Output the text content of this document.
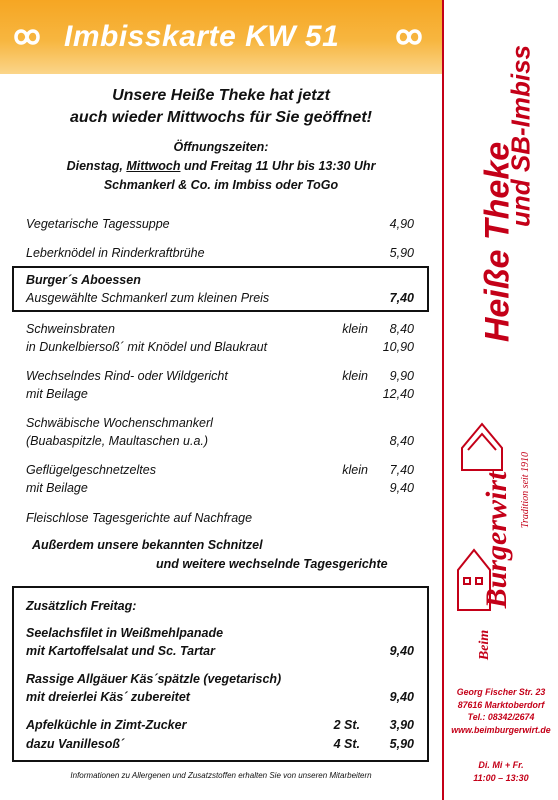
Imbisskarte KW 51
Unsere Heiße Theke hat jetzt
auch wieder Mittwochs für Sie geöffnet!
Öffnungszeiten:
Dienstag, Mittwoch und Freitag 11 Uhr bis 13:30 Uhr
Schmankerl & Co. im Imbiss oder ToGo
Vegetarische Tagessuppe	4,90
Leberknödel in Rinderkraftbrühe	5,90
Burger´s Aboessen
Ausgewählte Schmankerl zum kleinen Preis	7,40
Schweinsbraten	klein 8,40
in Dunkelbiersoß´ mit Knödel und Blaukraut	10,90
Wechselndes Rind- oder Wildgericht	klein 9,90
mit Beilage	12,40
Schwäbische Wochenschmankerl
(Buabaspitzle, Maultaschen u.a.)	8,40
Geflügelgeschnetzeltes	klein 7,40
mit Beilage	9,40
Fleischlose Tagesgerichte auf Nachfrage
Außerdem unsere bekannten Schnitzel
und weitere wechselnde Tagesgerichte
Zusätzlich Freitag:
Seelachsfilet in Weißmehlpanade
mit Kartoffelsalat und Sc. Tartar	9,40
Rassige Allgäuer Käs´spätzle (vegetarisch)
mit dreierlei Käs´ zubereitet	9,40
Apfelküchle in Zimt-Zucker	2 St. 3,90
dazu Vanillesoß´	4 St. 5,90
Informationen zu Allergenen und Zusatzstoffen erhalten Sie von unseren Mitarbeitern
und SB-Imbiss
Heiße Theke
Burgerwirt Tradition seit 1910
Beim
Georg Fischer Str. 23
87616 Marktoberdorf
Tel.: 08342/2674
www.beimburgerwirt.de
Di. Mi + Fr.
11:00 – 13:30
